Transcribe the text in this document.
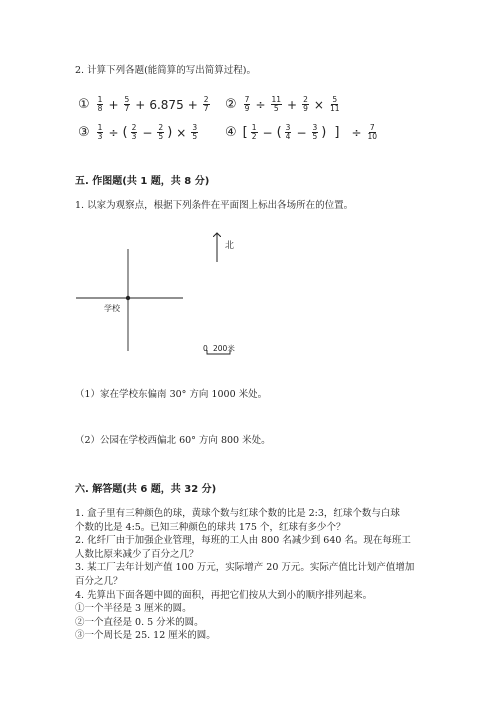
2. 计算下列各题(能简算的写出简算过程)。
① $\frac{1}{8} + \frac{5}{7} + 6.875 + \frac{2}{7}$ ② $\frac{7}{9} \div \frac{11}{5} + \frac{2}{9} \times \frac{5}{11}$
③ $\frac{1}{3}$ ÷ ( $\frac{2}{3} - \frac{2}{5}$ ) × $\frac{3}{5}$ ④ [ $\frac{1}{2}$ − ( $\frac{3}{4} - \frac{3}{5}$ ) ] ÷ $\frac{7}{10}$
五. 作图题(共 1 题，共 8 分)
1. 以家为观察点，根据下列条件在平面图上标出各场所在的位置。
北
学校
0 200米
（1）家在学校东偏南 30° 方向 1000 米处。
（2）公园在学校西偏北 60° 方向 800 米处。
六. 解答题(共 6 题，共 32 分)
1. 盒子里有三种颜色的球，黄球个数与红球个数的比是 2:3，红球个数与白球
个数的比是 4:5。已知三种颜色的球共 175 个，红球有多少个？
2. 化纤厂由于加强企业管理，每班的工人由 800 名减少到 640 名。现在每班工
人数比原来减少了百分之几？
3. 某工厂去年计划产值 100 万元，实际增产 20 万元。实际产值比计划产值增加
百分之几？
4. 先算出下面各题中圆的面积，再把它们按从大到小的顺序排列起来。
①一个半径是 3 厘米的圆。
②一个直径是 0. 5 分米的圆。
③一个周长是 25. 12 厘米的圆。
